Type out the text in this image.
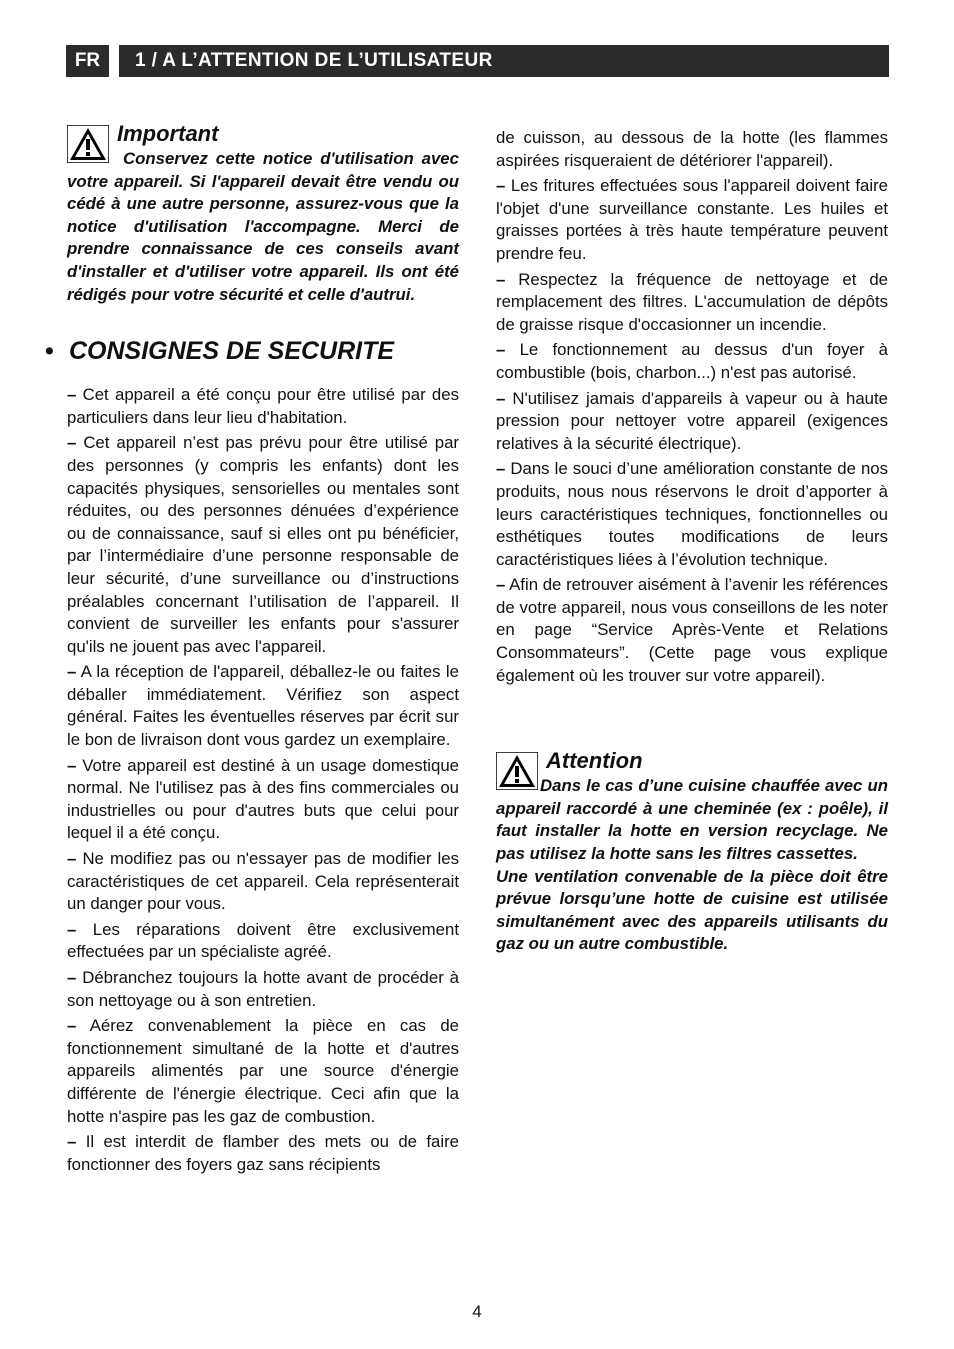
FR	1 / A L’ATTENTION DE L’UTILISATEUR
Important

Conservez cette notice d'utilisation avec votre appareil. Si l'appareil devait être vendu ou cédé à une autre personne, assurez-vous que la notice d'utilisation l'accompagne. Merci de prendre connaissance de ces conseils avant d'installer et d'utiliser votre appareil. Ils ont été rédigés pour votre sécurité et celle d'autrui.

• CONSIGNES DE SECURITE

– Cet appareil a été conçu pour être utilisé par des particuliers dans leur lieu d'habitation.

– Cet appareil n’est pas prévu pour être utilisé par des personnes (y compris les enfants) dont les capacités physiques, sensorielles ou mentales sont réduites, ou des personnes dénuées d’expérience ou de connaissance, sauf si elles ont pu bénéficier, par l’intermédiaire d’une personne responsable de leur sécurité, d’une surveillance ou d’instructions préalables concernant l’utilisation de l’appareil. Il convient de surveiller les enfants pour s'assurer qu'ils ne jouent pas avec l'appareil.

– A la réception de l'appareil, déballez-le ou faites le déballer immédiatement. Vérifiez son aspect général. Faites les éventuelles réserves par écrit sur le bon de livraison dont vous gardez un exemplaire.

– Votre appareil est destiné à un usage domestique normal. Ne l'utilisez pas à des fins commerciales ou industrielles ou pour d'autres buts que celui pour lequel il a été conçu.

– Ne modifiez pas ou n'essayer pas de modifier les caractéristiques de cet appareil. Cela représenterait un danger pour vous.

– Les réparations doivent être exclusivement effectuées par un spécialiste agréé.

– Débranchez toujours la hotte avant de procéder à son nettoyage ou à son entretien.

– Aérez convenablement la pièce en cas de fonctionnement simultané de la hotte et d'autres appareils alimentés par une source d'énergie différente de l'énergie électrique. Ceci afin que la hotte n'aspire pas les gaz de combustion.

– Il est interdit de flamber des mets ou de faire fonctionner des foyers gaz sans récipients

de cuisson, au dessous de la hotte (les flammes aspirées risqueraient de détériorer l'appareil).

– Les fritures effectuées sous l'appareil doivent faire l'objet d'une surveillance constante. Les huiles et graisses portées à très haute température peuvent prendre feu.

– Respectez la fréquence de nettoyage et de remplacement des filtres. L'accumulation de dépôts de graisse risque d'occasionner un incendie.

– Le fonctionnement au dessus d'un foyer à combustible (bois, charbon...) n'est pas autorisé.

– N'utilisez jamais d'appareils à vapeur ou à haute pression pour nettoyer votre appareil (exigences relatives à la sécurité électrique).

– Dans le souci d’une amélioration constante de nos produits, nous nous réservons le droit d’apporter à leurs caractéristiques techniques, fonctionnelles ou esthétiques toutes modifications de leurs caractéristiques liées à l’évolution technique.

– Afin de retrouver aisément à l’avenir les références de votre appareil, nous vous conseillons de les noter en page “Service Après-Vente et Relations Consommateurs”. (Cette page vous explique également où les trouver sur votre appareil).

Attention

Dans le cas d’une cuisine chauffée avec un appareil raccordé à une cheminée (ex : poêle), il faut installer la hotte en version recyclage. Ne pas utilisez la hotte sans les filtres cassettes.

Une ventilation convenable de la pièce doit être prévue lorsqu’une hotte de cuisine est utilisée simultanément avec des appareils utilisants du gaz ou un autre combustible.

4
